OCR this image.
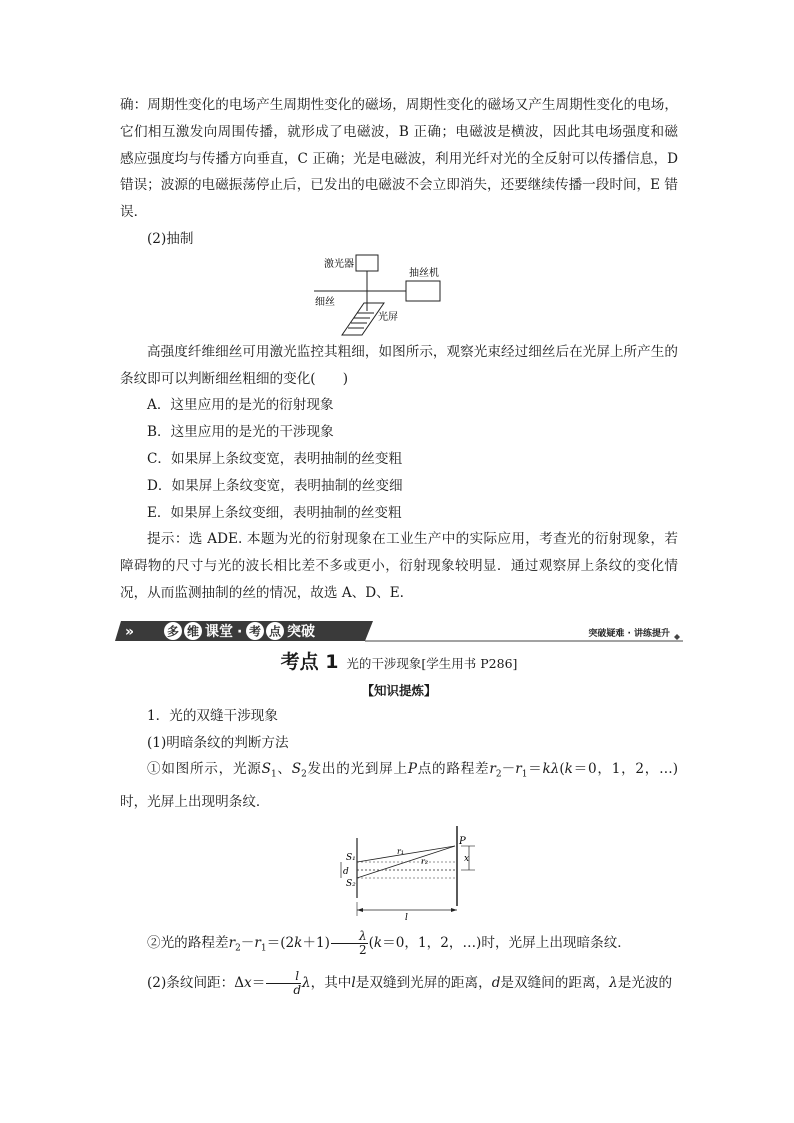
确：周期性变化的电场产生周期性变化的磁场，周期性变化的磁场又产生周期性变化的电场，它们相互激发向周围传播，就形成了电磁波，B 正确；电磁波是横波，因此其电场强度和磁感应强度均与传播方向垂直，C 正确；光是电磁波，利用光纤对光的全反射可以传播信息，D 错误；波源的电磁振荡停止后，已发出的电磁波不会立即消失，还要继续传播一段时间，E 错误．

(2)抽制

激光器
抽丝机
细丝
光屏

高强度纤维细丝可用激光监控其粗细，如图所示，观察光束经过细丝后在光屏上所产生的条纹即可以判断细丝粗细的变化(　　)

A．这里应用的是光的衍射现象

B．这里应用的是光的干涉现象

C．如果屏上条纹变宽，表明抽制的丝变粗

D．如果屏上条纹变宽，表明抽制的丝变细

E．如果屏上条纹变细，表明抽制的丝变粗

提示：选 ADE. 本题为光的衍射现象在工业生产中的实际应用，考查光的衍射现象，若障碍物的尺寸与光的波长相比差不多或更小，衍射现象较明显．通过观察屏上条纹的变化情况，从而监测抽制的丝的情况，故选 A、D、E.

»	多 维 课堂 · 考 点 突破	突破疑难 · 讲练提升
考点 1 光的干涉现象[学生用书 P286]
【知识提炼】

1．光的双缝干涉现象

(1)明暗条纹的判断方法

①如图所示，光源$S_1$、$S_2$发出的光到屏上P点的路程差$r_2-r_1=k\lambda(k=0$，1，2，…)时，光屏上出现明条纹．

S₁
S₂
d
r₁
r₂
P
x
l

②光的路程差$r_2-r_1=(2k+1) \frac{\lambda}{2} (k=0$，1，2，…)时，光屏上出现暗条纹．

(2)条纹间距：$\Delta x= \frac{l}{d}$ λ，其中l是双缝到光屏的距离，d是双缝间的距离，λ是光波的
